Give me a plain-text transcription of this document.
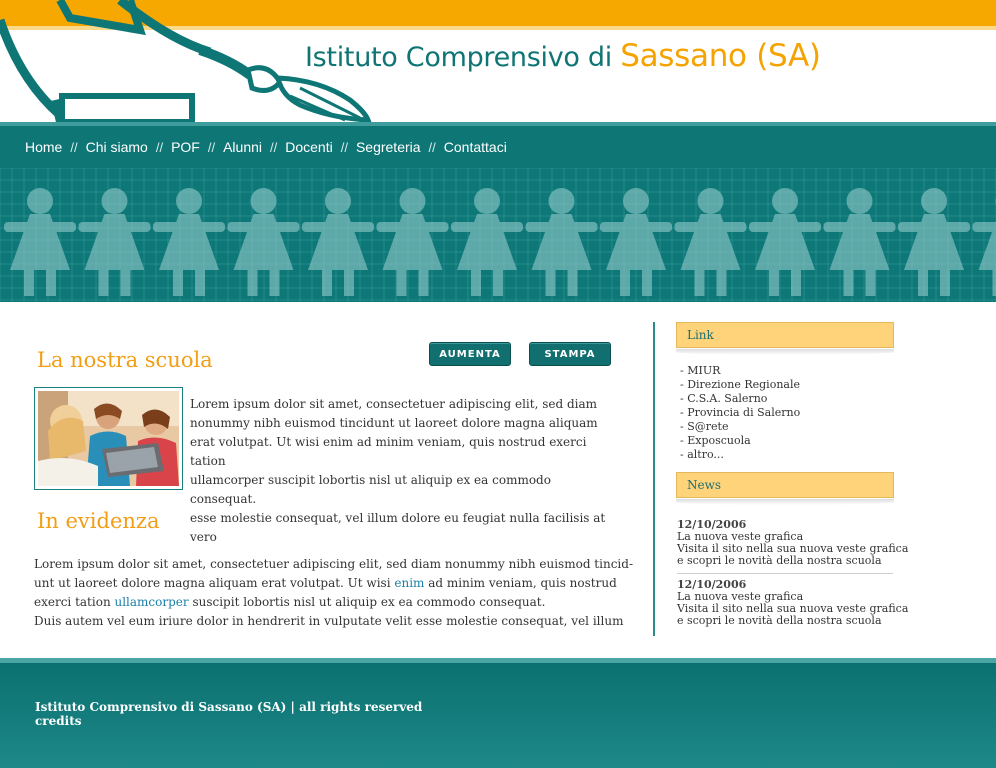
Istituto Comprensivo di Sassano (SA)
Home // Chi siamo // POF // Alunni // Docenti // Segreteria // Contattaci
La nostra scuola	AUMENTA	STAMPA
Lorem ipsum dolor sit amet, consectetuer adipiscing elit, sed diam
nonummy nibh euismod tincidunt ut laoreet dolore magna aliquam
erat volutpat. Ut wisi enim ad minim veniam, quis nostrud exerci tation
ullamcorper suscipit lobortis nisl ut aliquip ex ea commodo consequat.
esse molestie consequat, vel illum dolore eu feugiat nulla facilisis at vero
In evidenza
Lorem ipsum dolor sit amet, consectetuer adipiscing elit, sed diam nonummy nibh euismod tincid-
unt ut laoreet dolore magna aliquam erat volutpat. Ut wisi enim ad minim veniam, quis nostrud
exerci tation ullamcorper suscipit lobortis nisl ut aliquip ex ea commodo consequat.
Duis autem vel eum iriure dolor in hendrerit in vulputate velit esse molestie consequat, vel illum
Link
- MIUR
- Direzione Regionale
- C.S.A. Salerno
- Provincia di Salerno
- S@rete
- Exposcuola
- altro...
News
12/10/2006
La nuova veste grafica
Visita il sito nella sua nuova veste grafica
e scopri le novità della nostra scuola
12/10/2006
La nuova veste grafica
Visita il sito nella sua nuova veste grafica
e scopri le novità della nostra scuola
Istituto Comprensivo di Sassano (SA) | all rights reserved
credits
